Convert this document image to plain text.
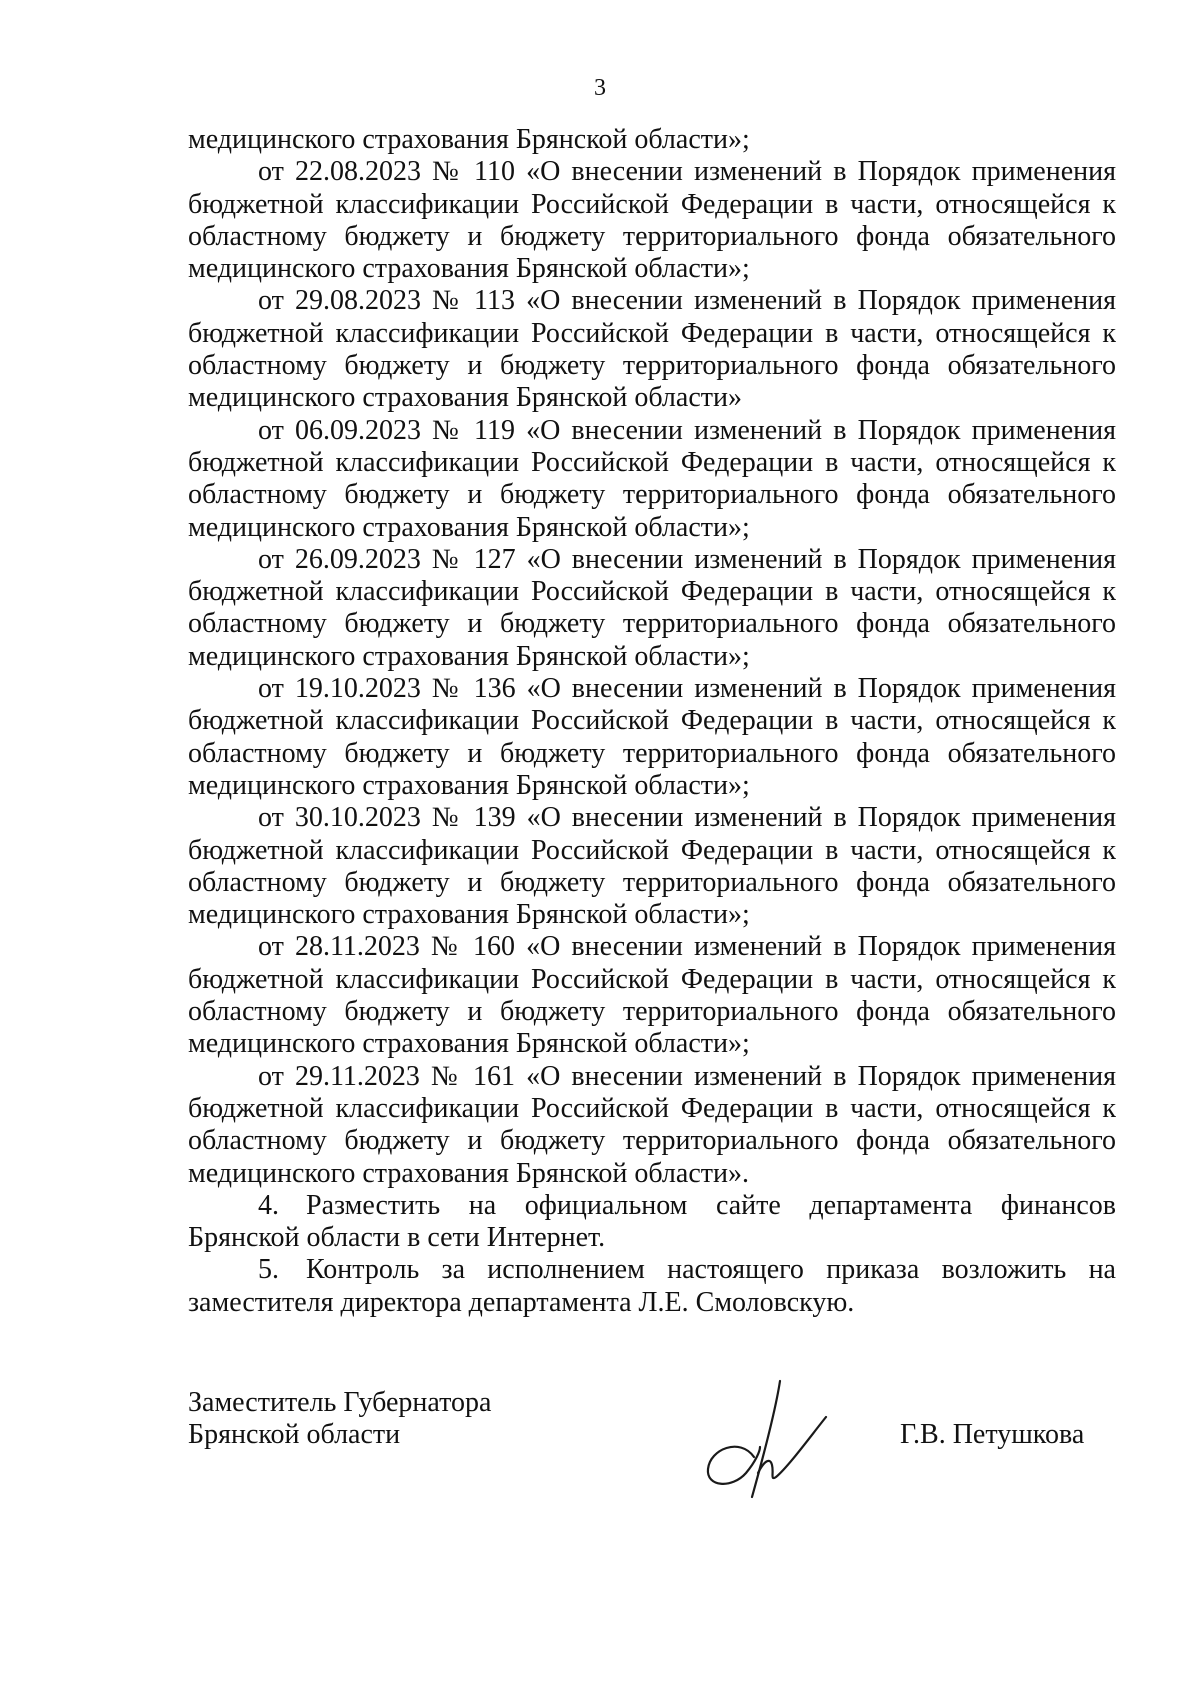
3

медицинского страхования Брянской области»;

от 22.08.2023 № 110 «О внесении изменений в Порядок применения бюджетной классификации Российской Федерации в части, относящейся к областному бюджету и бюджету территориального фонда обязательного медицинского страхования Брянской области»;

от 29.08.2023 № 113 «О внесении изменений в Порядок применения бюджетной классификации Российской Федерации в части, относящейся к областному бюджету и бюджету территориального фонда обязательного медицинского страхования Брянской области»

от 06.09.2023 № 119 «О внесении изменений в Порядок применения бюджетной классификации Российской Федерации в части, относящейся к областному бюджету и бюджету территориального фонда обязательного медицинского страхования Брянской области»;

от 26.09.2023 № 127 «О внесении изменений в Порядок применения бюджетной классификации Российской Федерации в части, относящейся к областному бюджету и бюджету территориального фонда обязательного медицинского страхования Брянской области»;

от 19.10.2023 № 136 «О внесении изменений в Порядок применения бюджетной классификации Российской Федерации в части, относящейся к областному бюджету и бюджету территориального фонда обязательного медицинского страхования Брянской области»;

от 30.10.2023 № 139 «О внесении изменений в Порядок применения бюджетной классификации Российской Федерации в части, относящейся к областному бюджету и бюджету территориального фонда обязательного медицинского страхования Брянской области»;

от 28.11.2023 № 160 «О внесении изменений в Порядок применения бюджетной классификации Российской Федерации в части, относящейся к областному бюджету и бюджету территориального фонда обязательного медицинского страхования Брянской области»;

от 29.11.2023 № 161 «О внесении изменений в Порядок применения бюджетной классификации Российской Федерации в части, относящейся к областному бюджету и бюджету территориального фонда обязательного медицинского страхования Брянской области».

4. Разместить на официальном сайте департамента финансов Брянской области в сети Интернет.

5. Контроль за исполнением настоящего приказа возложить на заместителя директора департамента Л.Е. Смоловскую.

Заместитель Губернатора
Брянской области	Г.В. Петушкова
